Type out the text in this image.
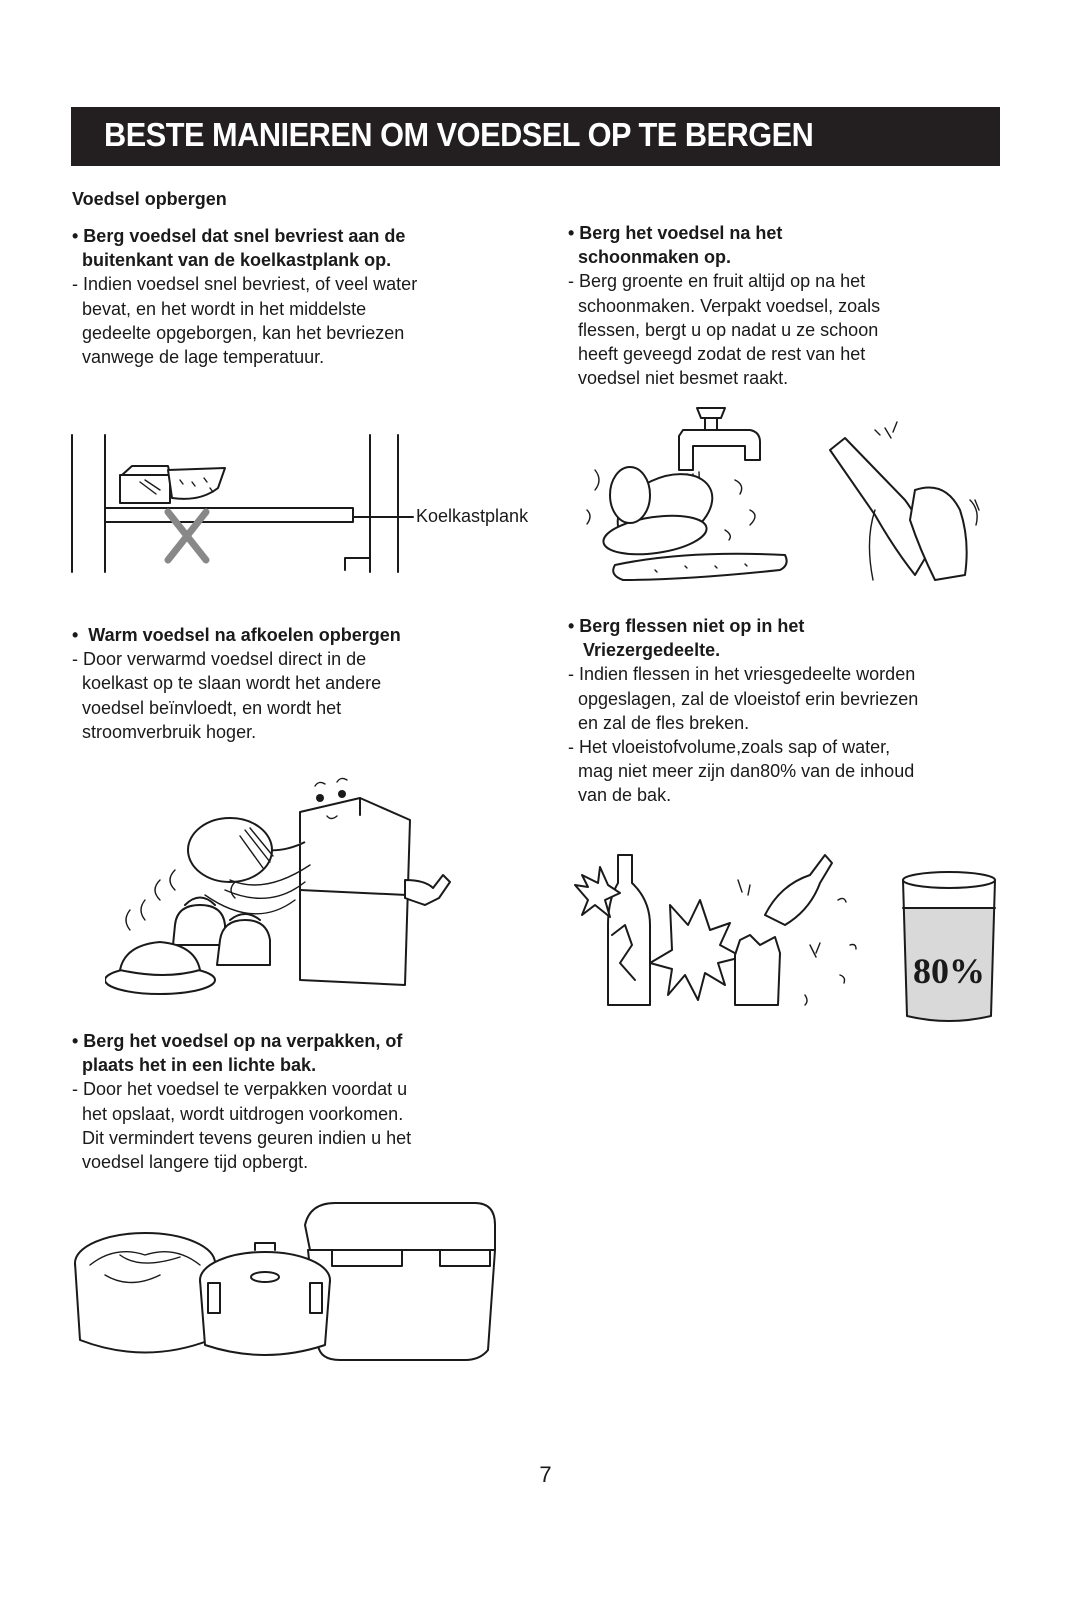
BESTE MANIEREN OM VOEDSEL OP TE BERGEN
Voedsel opbergen
• Berg voedsel dat snel bevriest aan de
buitenkant van de koelkastplank op.
- Indien voedsel snel bevriest, of veel water
bevat, en het wordt in het middelste
gedeelte opgeborgen, kan het bevriezen
vanwege de lage temperatuur.
•  Warm voedsel na afkoelen opbergen
- Door verwarmd voedsel direct in de
koelkast op te slaan wordt het andere
voedsel beïnvloedt, en wordt het
stroomverbruik hoger.
• Berg het voedsel op na verpakken, of
plaats het in een lichte bak.
- Door het voedsel te verpakken voordat u
het opslaat, wordt uitdrogen voorkomen.
Dit vermindert tevens geuren indien u het
voedsel langere tijd opbergt.
• Berg het voedsel na het
schoonmaken op.
- Berg groente en fruit altijd op na het
schoonmaken. Verpakt voedsel, zoals
flessen, bergt u op nadat u ze schoon
heeft geveegd zodat de rest van het
voedsel niet besmet raakt.
• Berg flessen niet op in het
Vriezergedeelte.
- Indien flessen in het vriesgedeelte worden
opgeslagen, zal de vloeistof erin bevriezen
en zal de fles breken.
- Het vloeistofvolume,zoals sap of water,
mag niet meer zijn dan80% van de inhoud
van de bak.
Koelkastplank
80%
7
